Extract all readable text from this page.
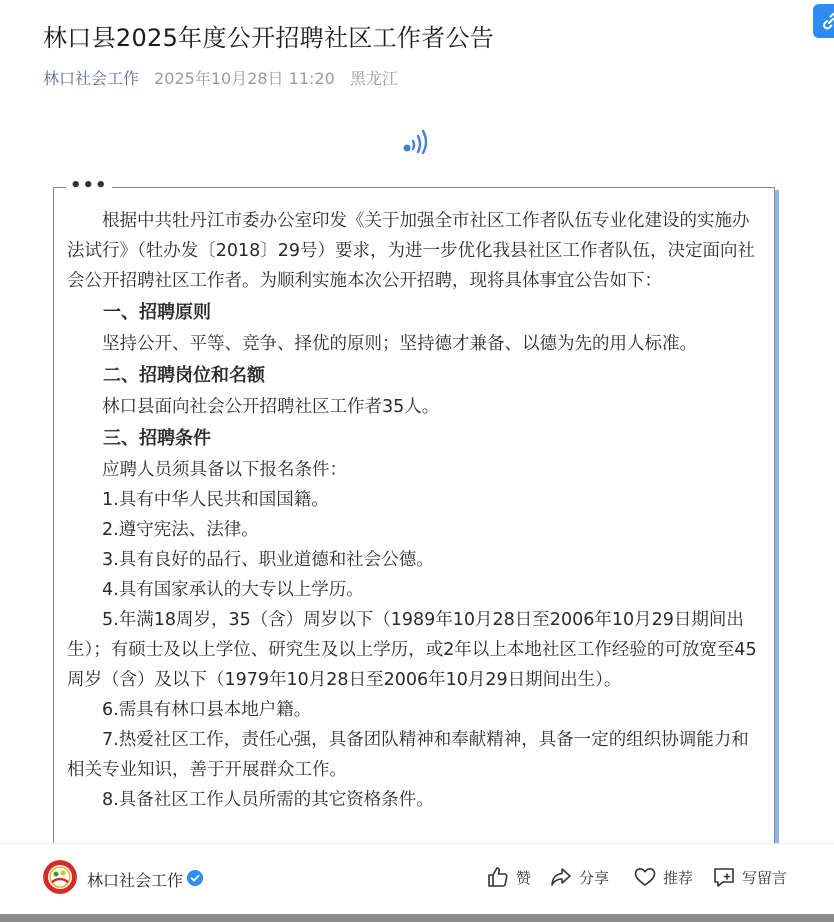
林口县2025年度公开招聘社区工作者公告
林口社会工作 2025年10月28日 11:20 黑龙江

根据中共牡丹江市委办公室印发《关于加强全市社区工作者队伍专业化建设的实施办法试行》（牡办发〔2018〕29号）要求，为进一步优化我县社区工作者队伍，决定面向社会公开招聘社区工作者。为顺利实施本次公开招聘，现将具体事宜公告如下：

一、招聘原则

坚持公开、平等、竞争、择优的原则；坚持德才兼备、以德为先的用人标准。

二、招聘岗位和名额

林口县面向社会公开招聘社区工作者35人。

三、招聘条件

应聘人员须具备以下报名条件：

1.具有中华人民共和国国籍。

2.遵守宪法、法律。

3.具有良好的品行、职业道德和社会公德。

4.具有国家承认的大专以上学历。

5.年满18周岁，35（含）周岁以下（1989年10月28日至2006年10月29日期间出生）；有硕士及以上学位、研究生及以上学历，或2年以上本地社区工作经验的可放宽至45周岁（含）及以下（1979年10月28日至2006年10月29日期间出生）。

6.需具有林口县本地户籍。

7.热爱社区工作，责任心强，具备团队精神和奉献精神，具备一定的组织协调能力和相关专业知识，善于开展群众工作。

8.具备社区工作人员所需的其它资格条件。

•••
林口社会工作	赞	分享	推荐	写留言
